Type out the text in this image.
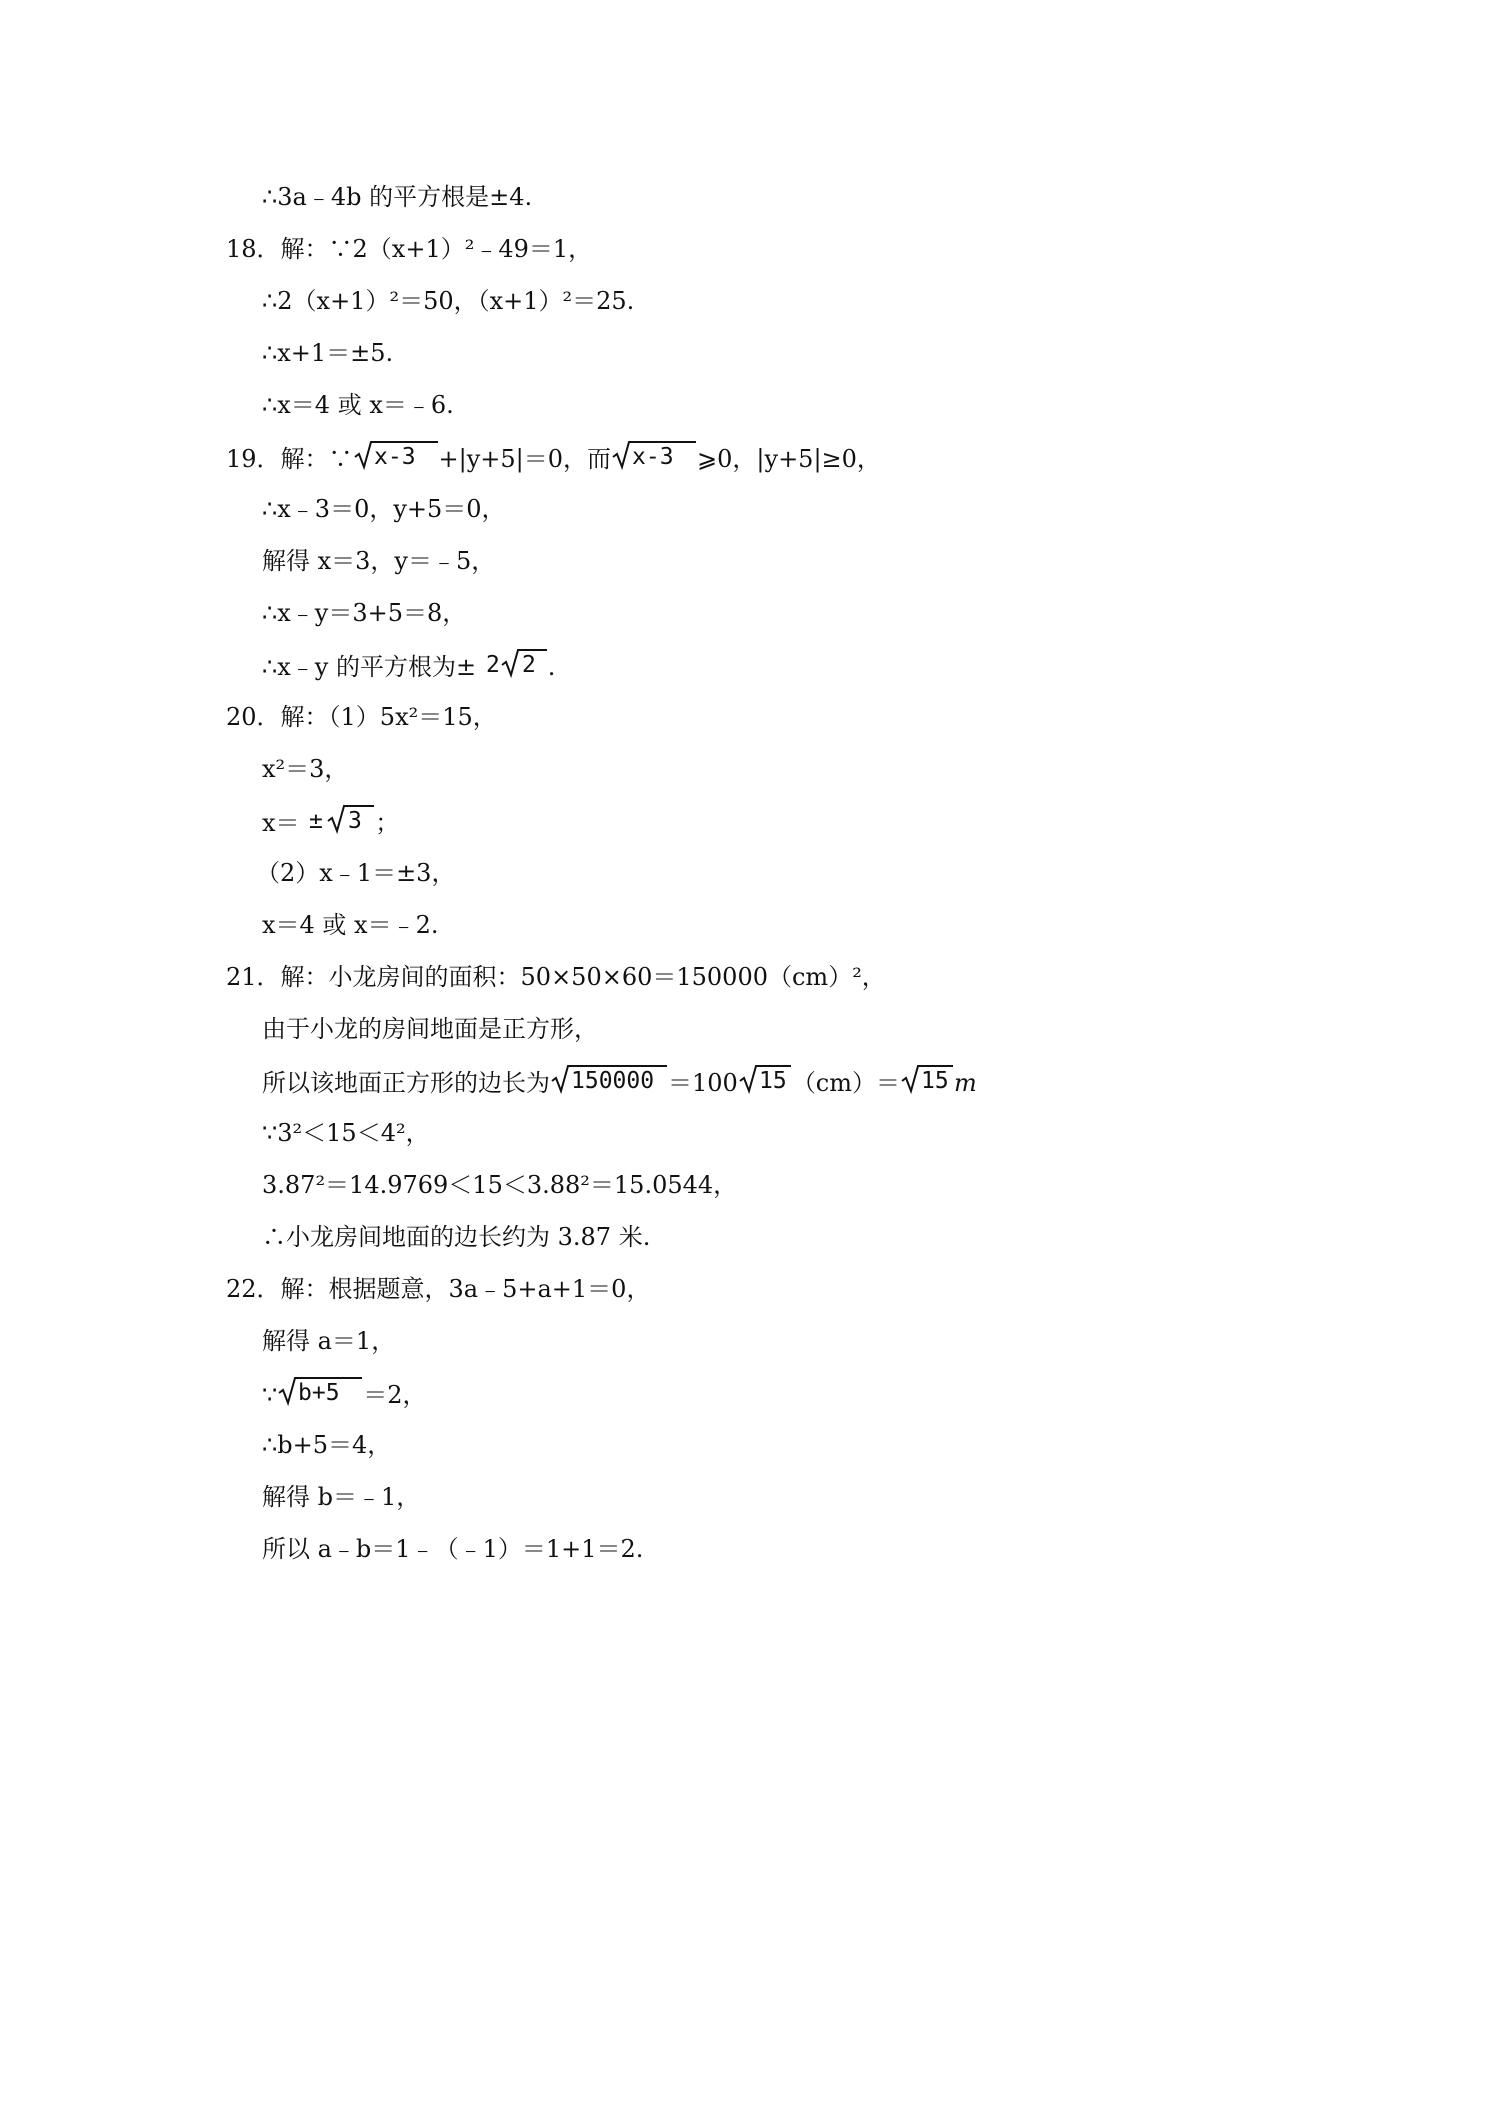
∴3a﹣4b 的平方根是±4.
18．解：∵2（x+1）²﹣49＝1，
∴2（x+1）²＝50，（x+1）²＝25.
∴x+1＝±5.
∴x＝4 或 x＝﹣6.
19．解：∵ x-3 +|y+5|＝0，而 x-3 ⩾0，|y+5|≥0，
∴x﹣3＝0，y+5＝0，
解得 x＝3，y＝﹣5，
∴x﹣y＝3+5＝8，
∴x﹣y 的平方根为± 2 2 .
20．解：（1）5x²＝15，
x²＝3，
x＝ ± 3 ；
（2）x﹣1＝±3，
x＝4 或 x＝﹣2.
21．解：小龙房间的面积：50×50×60＝150000（cm）²，
由于小龙的房间地面是正方形，
所以该地面正方形的边长为 150000 ＝100 15 （cm）＝ 15 m
∵3²＜15＜4²，
3.87²＝14.9769＜15＜3.88²＝15.0544，
∴小龙房间地面的边长约为 3.87 米.
22．解：根据题意，3a﹣5+a+1＝0，
解得 a＝1，
∵ b+5 ＝2，
∴b+5＝4，
解得 b＝﹣1，
所以 a﹣b＝1﹣（﹣1）＝1+1＝2.
